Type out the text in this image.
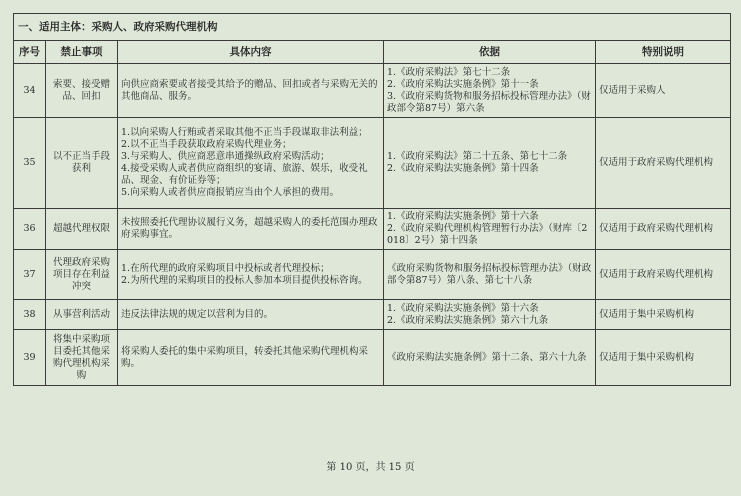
一、适用主体：采购人、政府采购代理机构				
序号	禁止事项	具体内容	依据	特别说明
34	索要、接受赠品、回扣	向供应商索要或者接受其给予的赠品、回扣或者与采购无关的其他商品、服务。	1.《政府采购法》第七十二条
2.《政府采购法实施条例》第十一条
3.《政府采购货物和服务招标投标管理办法》（财政部令第87号）第六条	仅适用于采购人
35	以不正当手段获利	1.以向采购人行贿或者采取其他不正当手段谋取非法利益；
2.以不正当手段获取政府采购代理业务；
3.与采购人、供应商恶意串通操纵政府采购活动；
4.接受采购人或者供应商组织的宴请、旅游、娱乐，收受礼品、现金、有价证券等；
5.向采购人或者供应商报销应当由个人承担的费用。	1.《政府采购法》第二十五条、第七十二条
2.《政府采购法实施条例》第十四条	仅适用于政府采购代理机构
36	超越代理权限	未按照委托代理协议履行义务，超越采购人的委托范围办理政府采购事宜。	1.《政府采购法实施条例》第十六条
2.《政府采购代理机构管理暂行办法》（财库〔2018〕2号）第十四条	仅适用于政府采购代理机构
37	代理政府采购项目存在利益冲突	1.在所代理的政府采购项目中投标或者代理投标；
2.为所代理的采购项目的投标人参加本项目提供投标咨询。	《政府采购货物和服务招标投标管理办法》（财政部令第87号）第八条、第七十八条	仅适用于政府采购代理机构
38	从事营利活动	违反法律法规的规定以营利为目的。	1.《政府采购法实施条例》第十六条
2.《政府采购法实施条例》第六十九条	仅适用于集中采购机构
39	将集中采购项目委托其他采购代理机构采购	将采购人委托的集中采购项目，转委托其他采购代理机构采购。	《政府采购法实施条例》第十二条、第六十九条	仅适用于集中采购机构
第 10 页，共 15 页
